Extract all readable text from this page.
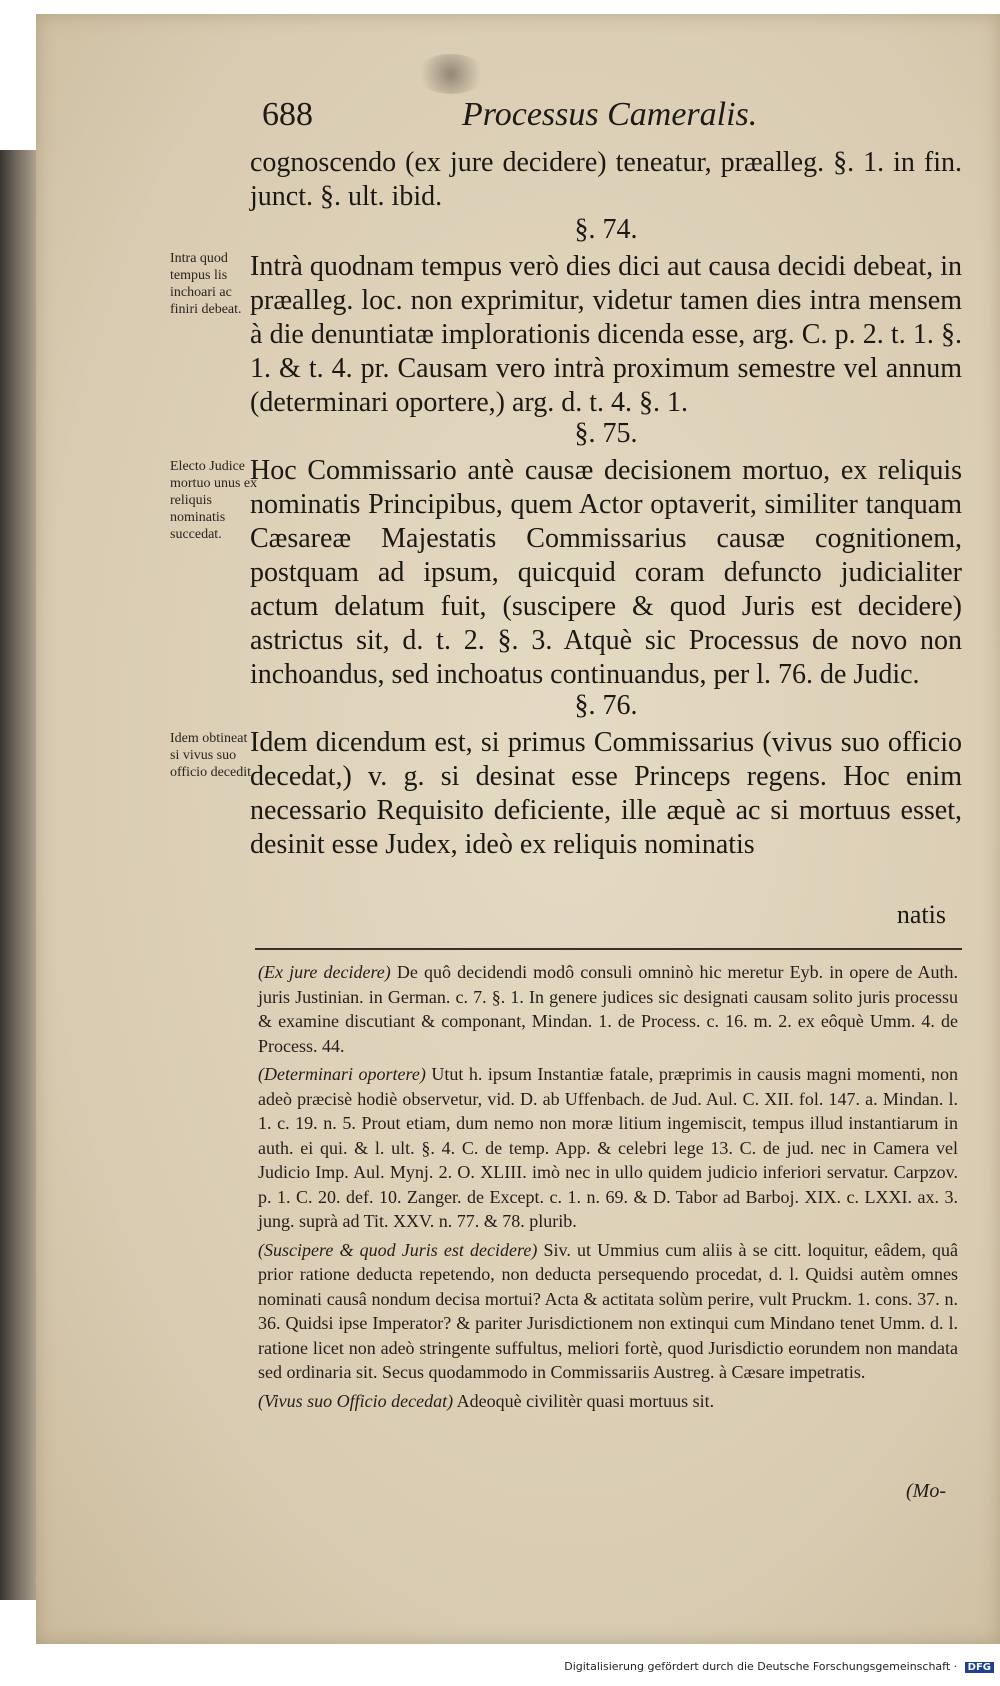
688	Processus Cameralis.

cognoscendo (ex jure decidere) teneatur, præalleg. §. 1. in fin. junct. §. ult. ibid.

§. 74.

Intra quod tempus lis inchoari ac finiri debeat.

Intrà quodnam tempus verò dies dici aut causa decidi debeat, in præalleg. loc. non exprimitur, videtur tamen dies intra mensem à die denuntiatæ implorationis dicenda esse, arg. C. p. 2. t. 1. §. 1. & t. 4. pr. Causam vero intrà proximum semestre vel annum (determinari oportere,) arg. d. t. 4. §. 1.

§. 75.

Electo Judice mortuo unus ex reliquis nominatis succedat.

Hoc Commissario antè causæ decisionem mortuo, ex reliquis nominatis Principibus, quem Actor optaverit, similiter tanquam Cæsareæ Majestatis Commissarius causæ cognitionem, postquam ad ipsum, quicquid coram defuncto judicialiter actum delatum fuit, (suscipere & quod Juris est decidere) astrictus sit, d. t. 2. §. 3. Atquè sic Processus de novo non inchoandus, sed inchoatus continuandus, per l. 76. de Judic.

§. 76.

Idem obtineat si vivus suo officio decedit.

Idem dicendum est, si primus Commissarius (vivus suo officio decedat,) v. g. si desinat esse Princeps regens. Hoc enim necessario Requisito deficiente, ille æquè ac si mortuus esset, desinit esse Judex, ideò ex reliquis nominatis

natis

(Ex jure decidere) De quô decidendi modô consuli omninò hic meretur Eyb. in opere de Auth. juris Justinian. in German. c. 7. §. 1. In genere judices sic designati causam solito juris processu & examine discutiant & componant, Mindan. 1. de Process. c. 16. m. 2. ex eôquè Umm. 4. de Process. 44.

(Determinari oportere) Utut h. ipsum Instantiæ fatale, præprimis in causis magni momenti, non adeò præcisè hodiè observetur, vid. D. ab Uffenbach. de Jud. Aul. C. XII. fol. 147. a. Mindan. l. 1. c. 19. n. 5. Prout etiam, dum nemo non moræ litium ingemiscit, tempus illud instantiarum in auth. ei qui. & l. ult. §. 4. C. de temp. App. & celebri lege 13. C. de jud. nec in Camera vel Judicio Imp. Aul. Mynj. 2. O. XLIII. imò nec in ullo quidem judicio inferiori servatur. Carpzov. p. 1. C. 20. def. 10. Zanger. de Except. c. 1. n. 69. & D. Tabor ad Barboj. XIX. c. LXXI. ax. 3. jung. suprà ad Tit. XXV. n. 77. & 78. plurib.

(Suscipere & quod Juris est decidere) Siv. ut Ummius cum aliis à se citt. loquitur, eâdem, quâ prior ratione deducta repetendo, non deducta persequendo procedat, d. l. Quidsi autèm omnes nominati causâ nondum decisa mortui? Acta & actitata solùm perire, vult Pruckm. 1. cons. 37. n. 36. Quidsi ipse Imperator? & pariter Jurisdictionem non extinqui cum Mindano tenet Umm. d. l. ratione licet non adeò stringente suffultus, meliori fortè, quod Jurisdictio eorundem non mandata sed ordinaria sit. Secus quodammodo in Commissariis Austreg. à Cæsare impetratis.

(Vivus suo Officio decedat) Adeoquè civilitèr quasi mortuus sit.

(Mo-
Digitalisierung gefördert durch die Deutsche Forschungsgemeinschaft · DFG
